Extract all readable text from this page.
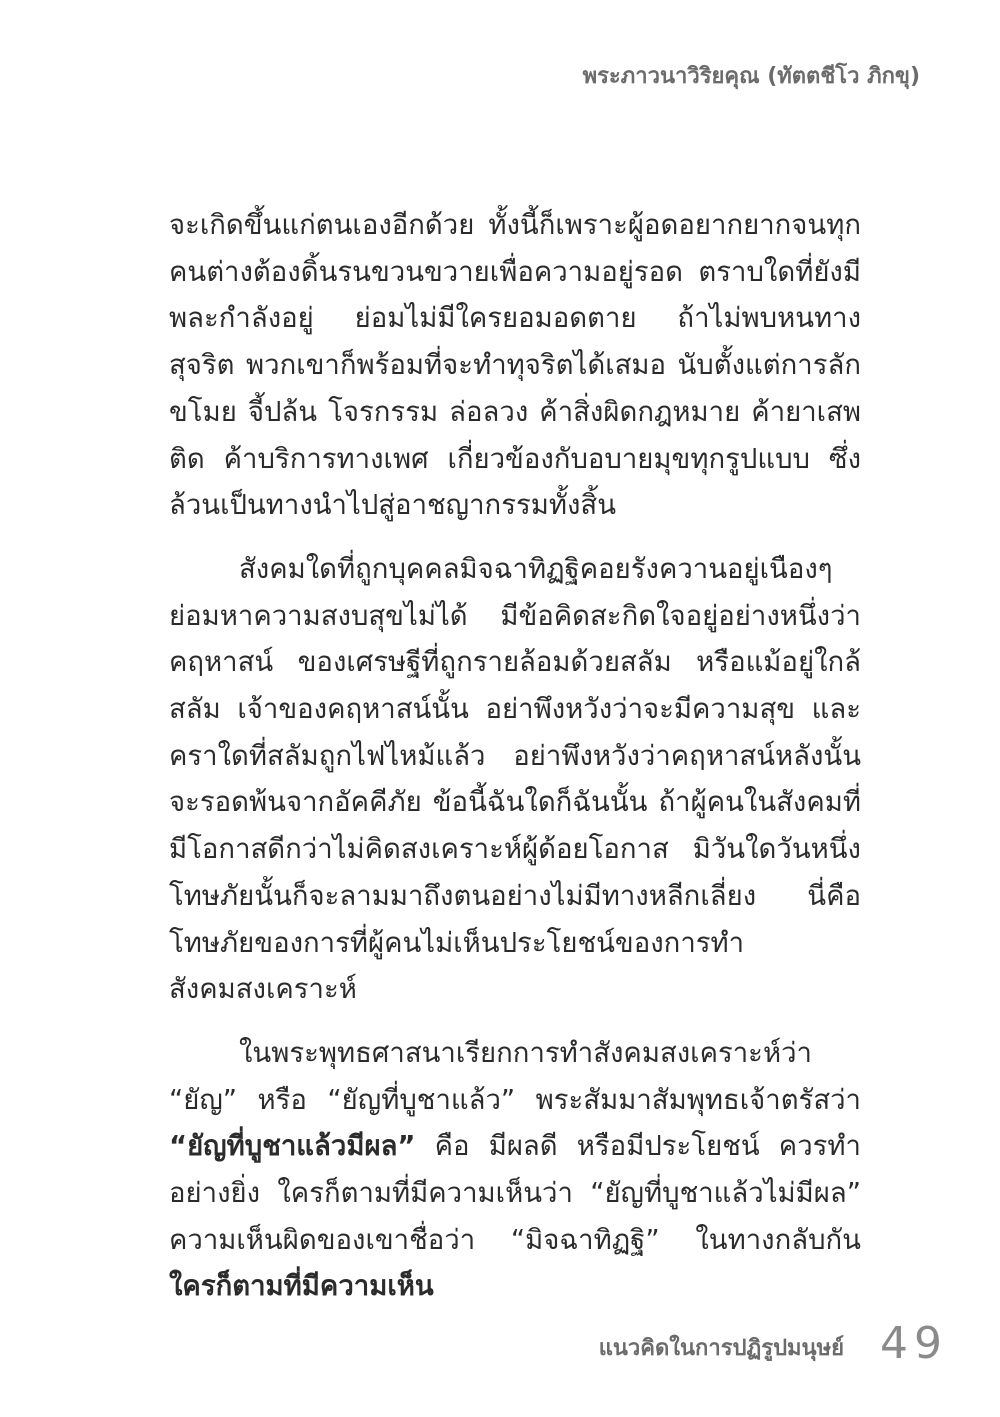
พระภาวนาวิริยคุณ (ทัตตชีโว ภิกขุ)

จะเกิดขึ้นแก่ตนเองอีกด้วย ทั้งนี้ก็เพราะผู้อดอยากยากจนทุกคนต่างต้องดิ้นรนขวนขวายเพื่อความอยู่รอด ตราบใดที่ยังมีพละกำลังอยู่ ย่อมไม่มีใครยอมอดตาย ถ้าไม่พบหนทางสุจริต พวกเขาก็พร้อมที่จะทำทุจริตได้เสมอ นับตั้งแต่การลักขโมย จี้ปล้น โจรกรรม ล่อลวง ค้าสิ่งผิดกฎหมาย ค้ายาเสพติด ค้าบริการทางเพศ เกี่ยวข้องกับอบายมุขทุกรูปแบบ ซึ่งล้วนเป็นทางนำไปสู่อาชญากรรมทั้งสิ้น

สังคมใดที่ถูกบุคคลมิจฉาทิฏฐิคอยรังควานอยู่เนืองๆ ย่อมหาความสงบสุขไม่ได้ มีข้อคิดสะกิดใจอยู่อย่างหนึ่งว่า คฤหาสน์ ของเศรษฐีที่ถูกรายล้อมด้วยสลัม หรือแม้อยู่ใกล้สลัม เจ้าของคฤหาสน์นั้น อย่าพึงหวังว่าจะมีความสุข และคราใดที่สลัมถูกไฟไหม้แล้ว อย่าพึงหวังว่าคฤหาสน์หลังนั้นจะรอดพ้นจากอัคคีภัย ข้อนี้ฉันใดก็ฉันนั้น ถ้าผู้คนในสังคมที่มีโอกาสดีกว่าไม่คิดสงเคราะห์ผู้ด้อยโอกาส มิวันใดวันหนึ่งโทษภัยนั้นก็จะลามมาถึงตนอย่างไม่มีทางหลีกเลี่ยง นี่คือโทษภัยของการที่ผู้คนไม่เห็นประโยชน์ของการทำสังคมสงเคราะห์

ในพระพุทธศาสนาเรียกการทำสังคมสงเคราะห์ว่า “ยัญ” หรือ “ยัญที่บูชาแล้ว” พระสัมมาสัมพุทธเจ้าตรัสว่า “ยัญที่บูชาแล้วมีผล” คือ มีผลดี หรือมีประโยชน์ ควรทำอย่างยิ่ง ใครก็ตามที่มีความเห็นว่า “ยัญที่บูชาแล้วไม่มีผล” ความเห็นผิดของเขาชื่อว่า “มิจฉาทิฏฐิ” ในทางกลับกัน ใครก็ตามที่มีความเห็น

แนวคิดในการปฏิรูปมนุษย์ 49
